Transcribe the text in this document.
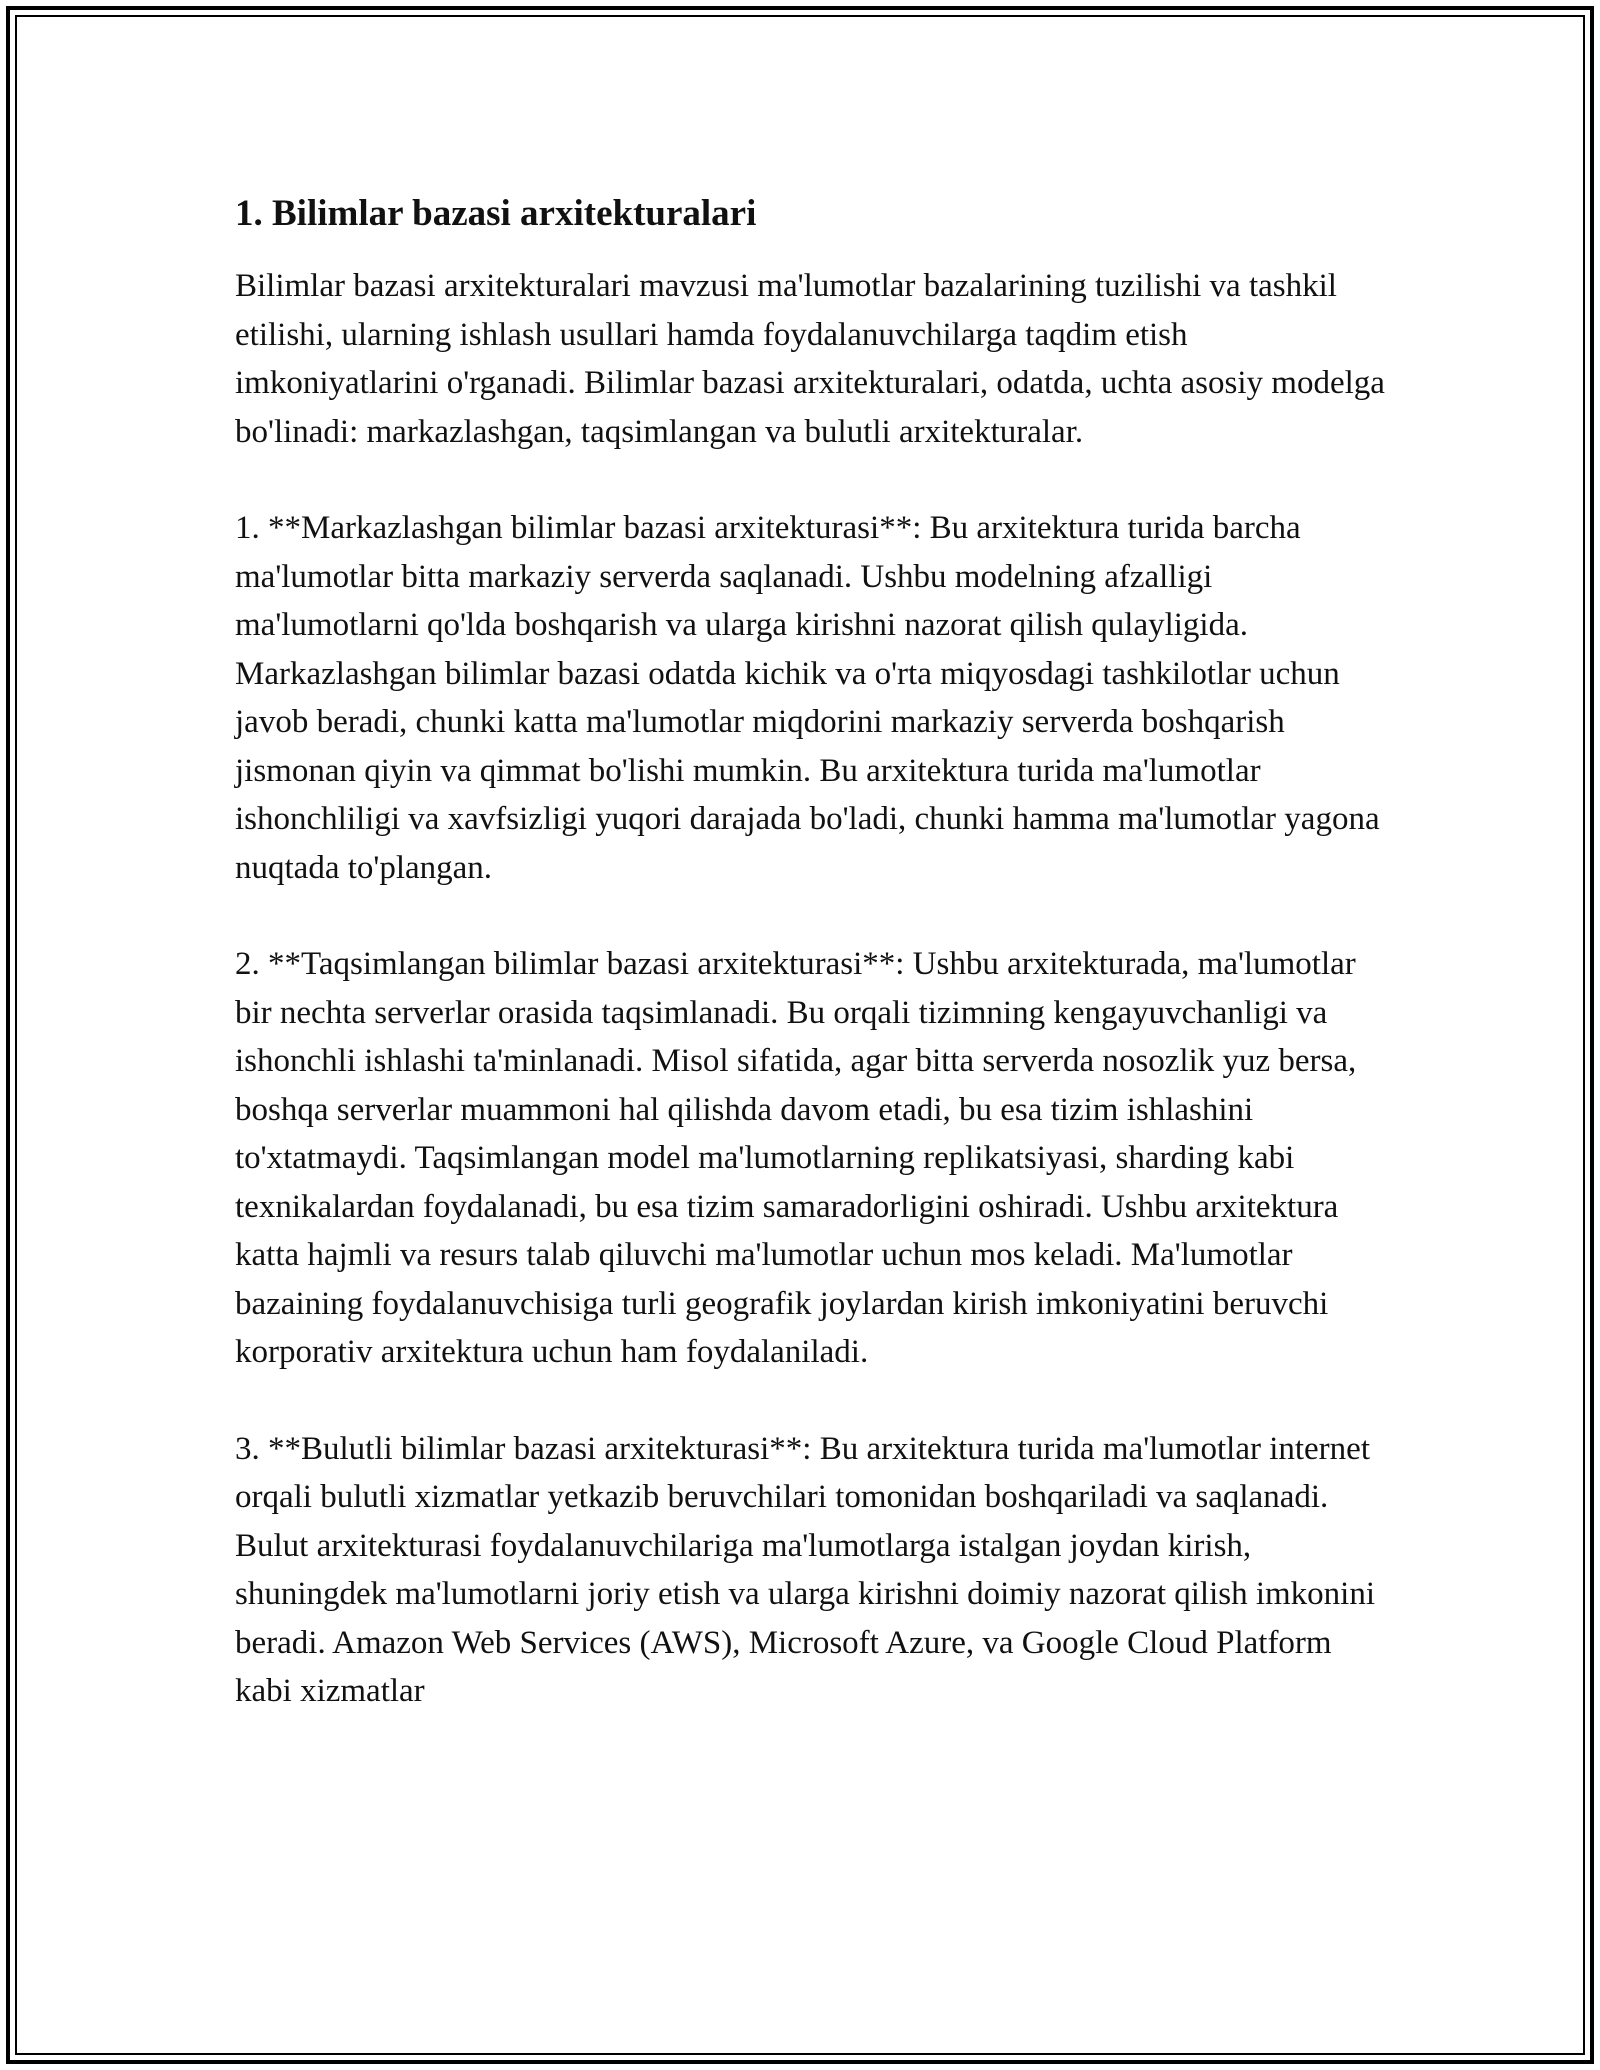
1. Bilimlar bazasi arxitekturalari

Bilimlar bazasi arxitekturalari mavzusi ma'lumotlar bazalarining tuzilishi va tashkil etilishi, ularning ishlash usullari hamda foydalanuvchilarga taqdim etish imkoniyatlarini o'rganadi. Bilimlar bazasi arxitekturalari, odatda, uchta asosiy modelga bo'linadi: markazlashgan, taqsimlangan va bulutli arxitekturalar.

1. **Markazlashgan bilimlar bazasi arxitekturasi**: Bu arxitektura turida barcha ma'lumotlar bitta markaziy serverda saqlanadi. Ushbu modelning afzalligi ma'lumotlarni qo'lda boshqarish va ularga kirishni nazorat qilish qulayligida. Markazlashgan bilimlar bazasi odatda kichik va o'rta miqyosdagi tashkilotlar uchun javob beradi, chunki katta ma'lumotlar miqdorini markaziy serverda boshqarish jismonan qiyin va qimmat bo'lishi mumkin. Bu arxitektura turida ma'lumotlar ishonchliligi va xavfsizligi yuqori darajada bo'ladi, chunki hamma ma'lumotlar yagona nuqtada to'plangan.

2. **Taqsimlangan bilimlar bazasi arxitekturasi**: Ushbu arxitekturada, ma'lumotlar bir nechta serverlar orasida taqsimlanadi. Bu orqali tizimning kengayuvchanligi va ishonchli ishlashi ta'minlanadi. Misol sifatida, agar bitta serverda nosozlik yuz bersa, boshqa serverlar muammoni hal qilishda davom etadi, bu esa tizim ishlashini to'xtatmaydi. Taqsimlangan model ma'lumotlarning replikatsiyasi, sharding kabi texnikalardan foydalanadi, bu esa tizim samaradorligini oshiradi. Ushbu arxitektura katta hajmli va resurs talab qiluvchi ma'lumotlar uchun mos keladi. Ma'lumotlar bazaining foydalanuvchisiga turli geografik joylardan kirish imkoniyatini beruvchi korporativ arxitektura uchun ham foydalaniladi.

3. **Bulutli bilimlar bazasi arxitekturasi**: Bu arxitektura turida ma'lumotlar internet orqali bulutli xizmatlar yetkazib beruvchilari tomonidan boshqariladi va saqlanadi. Bulut arxitekturasi foydalanuvchilariga ma'lumotlarga istalgan joydan kirish, shuningdek ma'lumotlarni joriy etish va ularga kirishni doimiy nazorat qilish imkonini beradi. Amazon Web Services (AWS), Microsoft Azure, va Google Cloud Platform kabi xizmatlar
